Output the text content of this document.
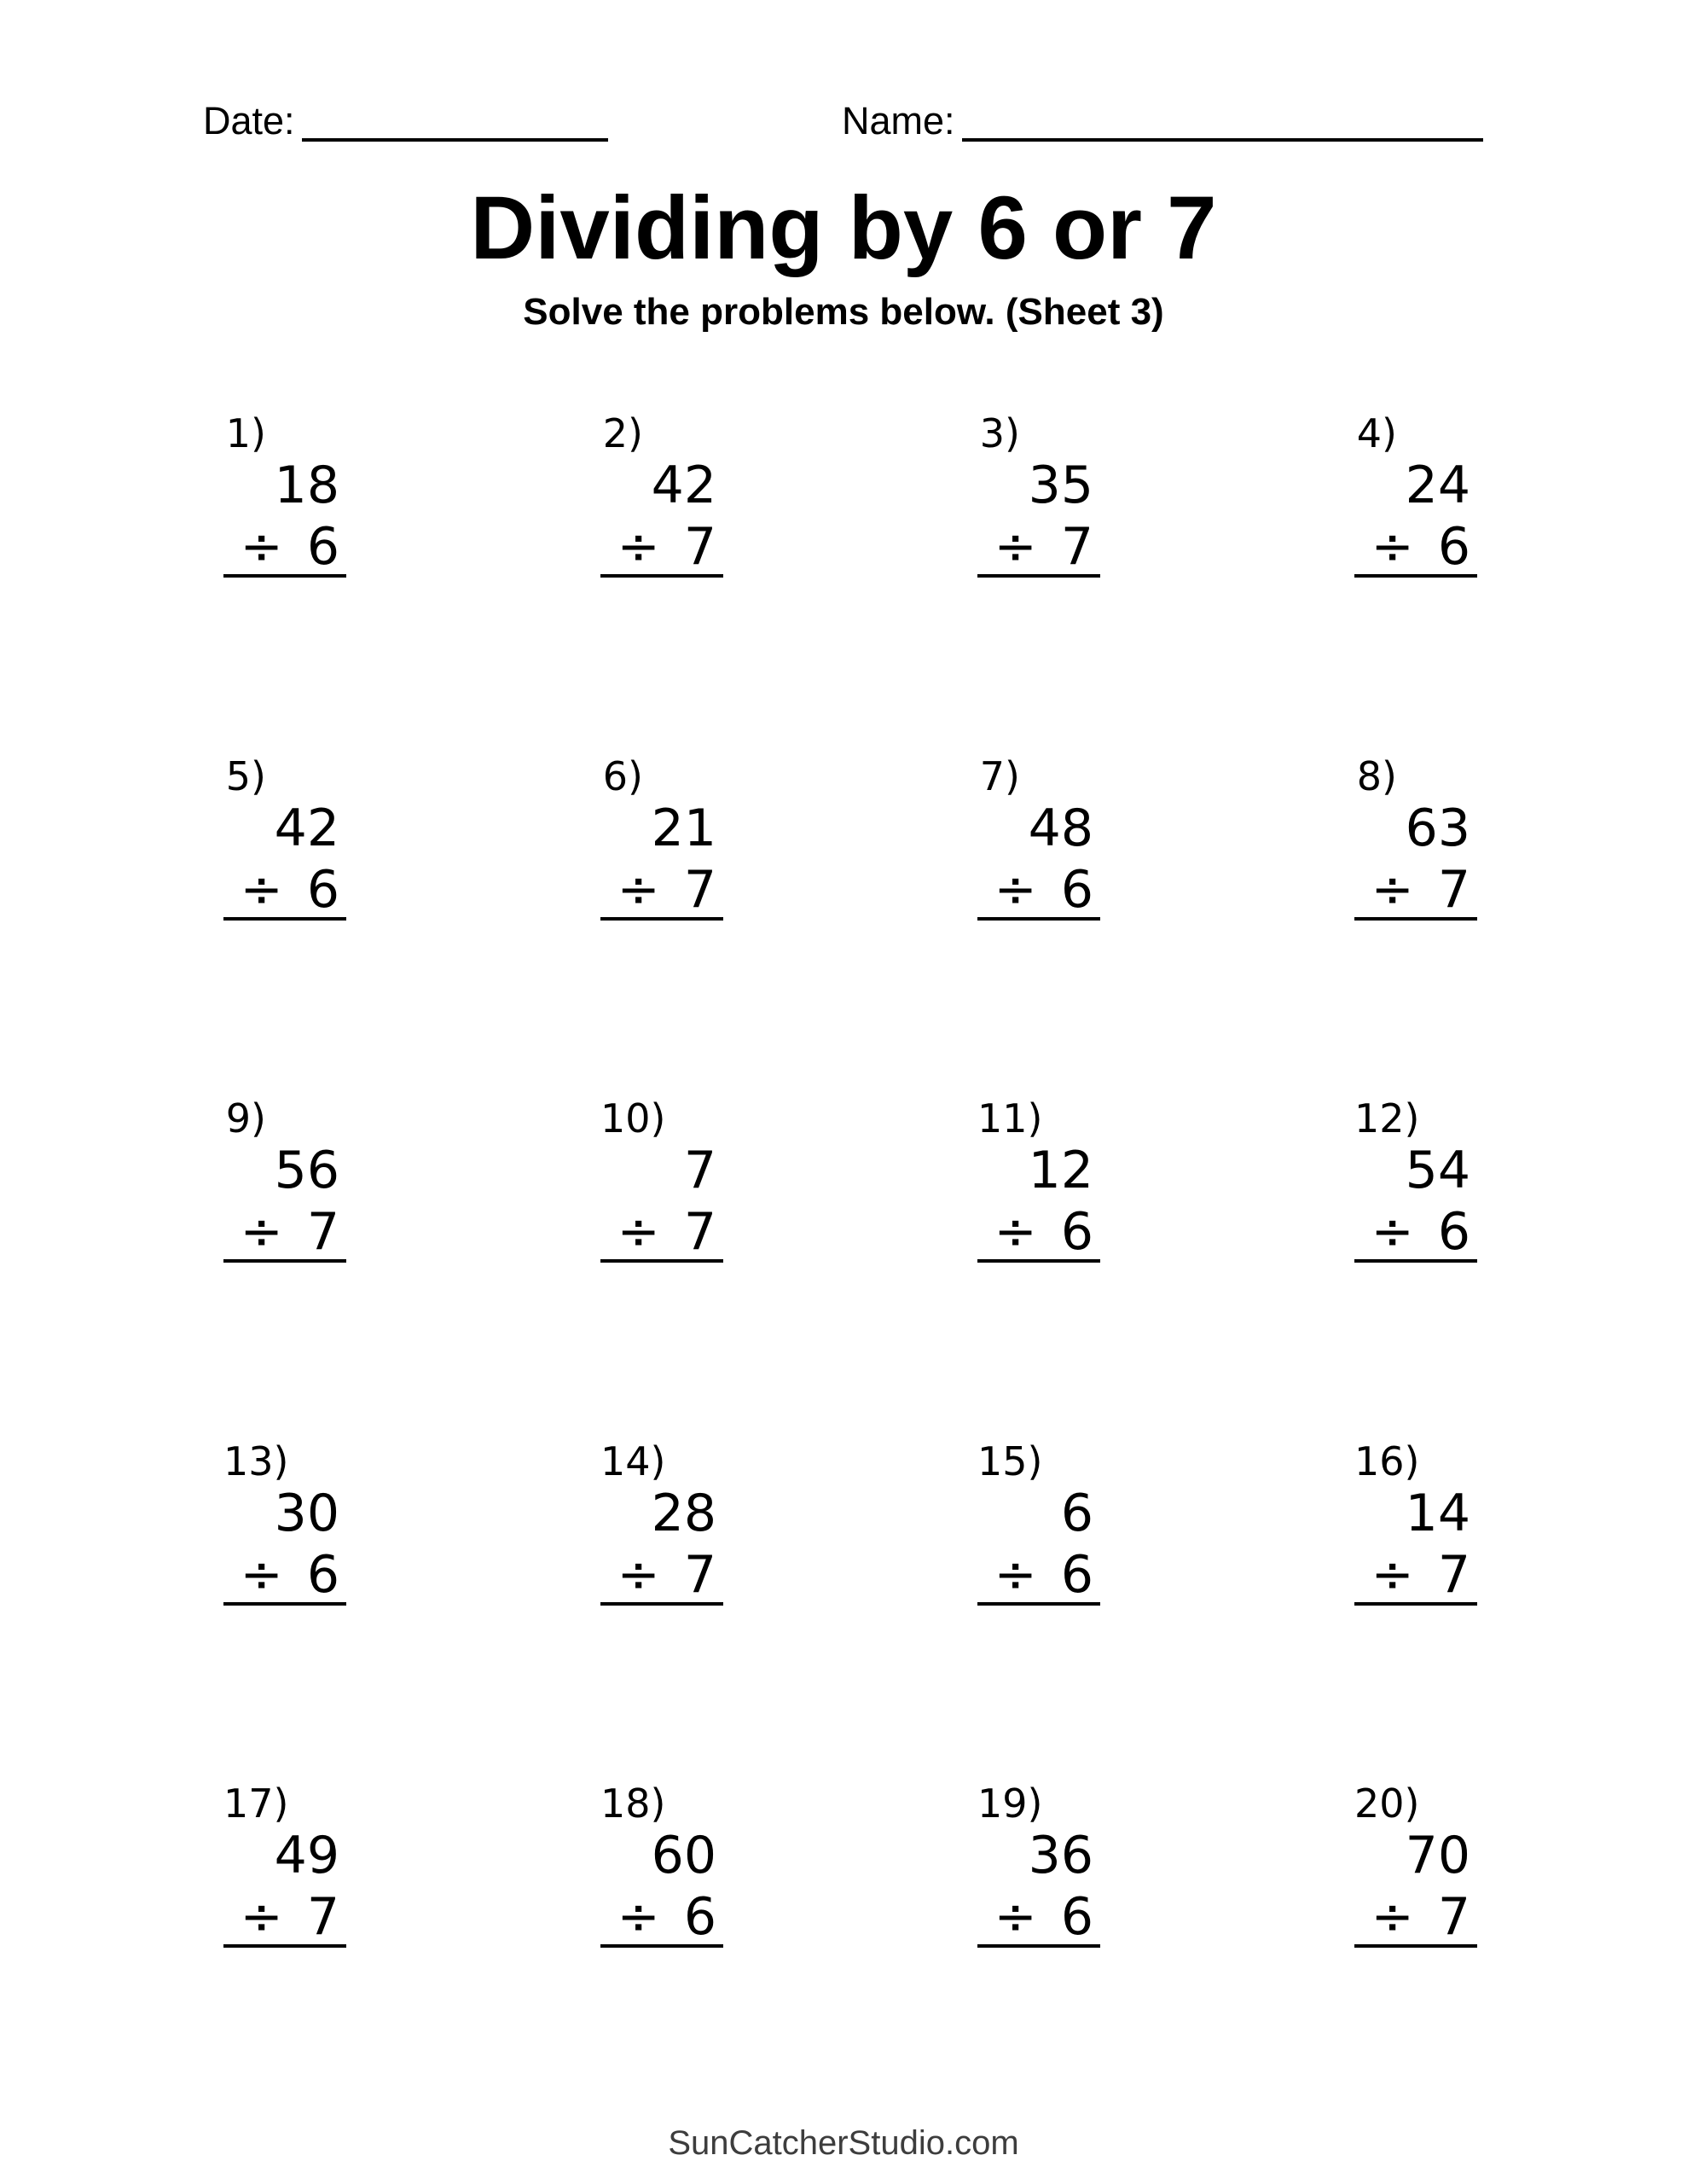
Date:	Name:
Dividing by 6 or 7
Solve the problems below. (Sheet 3)
1)
18
÷ 6
2)
42
÷ 7
3)
35
÷ 7
4)
24
÷ 6
5)
42
÷ 6
6)
21
÷ 7
7)
48
÷ 6
8)
63
÷ 7
9)
56
÷ 7
10)
7
÷ 7
11)
12
÷ 6
12)
54
÷ 6
13)
30
÷ 6
14)
28
÷ 7
15)
6
÷ 6
16)
14
÷ 7
17)
49
÷ 7
18)
60
÷ 6
19)
36
÷ 6
20)
70
÷ 7
SunCatcherStudio.com
